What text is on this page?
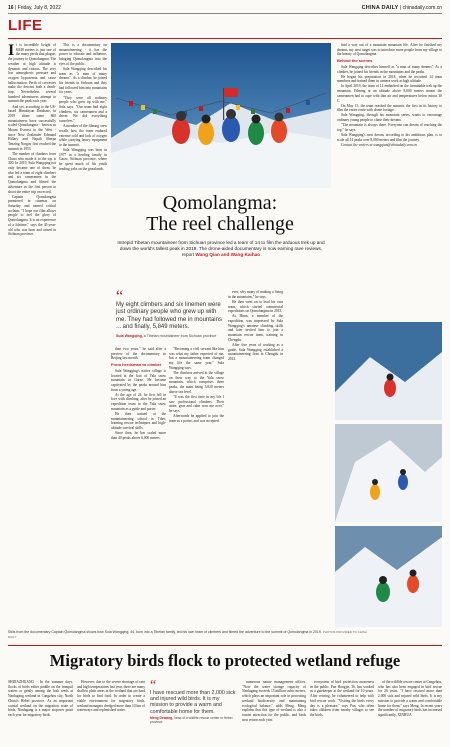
16 | Friday, July 8, 2022	CHINA DAILY | chinadaily.com.cn
LIFE
I t is incredible height of 8,848 meters is just one of the many perils that plague, the journey to Qomolangma. The weather at high altitude is dynamic and riotous. The very low atmospheric pressure and oxygen hypoxemia and cause hallucination. Perils of crevasses make the descent both a death-trap. Nevertheless several hundred adventurers attempt to summit the peak each year.

And yet, according to the US-based Himalayan Database, in 2019 alone some 800 mountaineers have successfully scaled Qomolangma - known as Mount Everest in the West - since New Zealander Edmund Hillary and Nepali Sherpa Tenzing Norgay first reached the summit in 1953.

The number of climbers from China who made it to the top is 300. In 2019, Sula Wangqing not only became one of them, he also led a team of eight climbers and six cameramen in the Qomolangma and filmed the adventure as the first person to shoot the entire trip on record.

Captain Qomolangma premiered in cinemas on Saturday and earned critical acclaim. "I hope our film allows people to feel the glory of Qomolangma. It is an experience of a lifetime," says the 45-year-old who was born and raised in Sichuan province.

This is a documentary on mountaineering - it has the power to educate and influence, bringing Qomolangma into the eyes of the public.

Sula Wangqing described his team as "a man of many dreams". As a climber, he joined his friends in Sichuan and they had followed him into mountains for years.

"They were all ordinary people who grew up with me," Sula says. "Our team had eight climbers, six cameramen and a driver. We did everything ourselves."

A member of the filming crew recalls how the team endured extreme cold and lack of oxygen while carrying heavy equipment to the summit.

Sula Wangqing was born in 1977 in a herding family in Garze, Sichuan province, where he spent much of his youth tending yaks on the grasslands.

Qomolangma:
The reel challenge
Intrepid Tibetan mountaineer from Sichuan province led a team of 14 to film the arduous trek up and down the world's tallest peak in 2019. The drone-aided documentary is now earning rave reviews, report Wang Qian and Wang Kaihao
“
My eight climbers and six linemen were just ordinary people who grew up with me. They had followed me in mountains ... and finally, 5,849 meters.
Sula Wangqing, a Tibetan mountaineer from Sichuan province

than two years," he said after a preview of the documentary in Beijing last month.

From herdsman to climber

Sula Wangqing's native village is located at the foot of Yala snow mountain in Garze. He became captivated by the peaks around him from a young age.

At the age of 24, he first fell in love with climbing, after he joined an expedition team to the Yala snow mountain as a guide and porter.

He then trained at the mountaineering school in Tibet, learning rescue techniques and high-altitude survival skills.

Since then, he has scaled more than 40 peaks above 6,000 meters.

"Becoming a civil servant like him was what my father expected of me, but a mountaineering team changed my life the same year," Sula Wangqing says.

The climbers arrived at the village on their way to the Yala snow mountain, which comprises three peaks, the main being 5,820 meters above sea level.

"It was the first time in my life I saw professional climbers. Their attire, gear and calm won me over," he says.

Afterwards he applied to join the team as a porter, and was accepted.

ever, why many of making a living in the mountains," he says.

He then went on to lead his own team, which started commercial expeditions on Qomolangma in 2013.

As Hima, a member of the expedition, was impressed by Sula Wangqing's amateur climbing skills and later invited him to join a mountain rescue team, training in Chengdu.

After five years of working as a guide, Sula Wangqing established a mountaineering firm in Chengdu in 2012.

find a way out of a mountain mountain life. After he finished my dreams, my next target was to introduce more people from my village to the beauty of Qomolangma.

Behind the scenes

Sula Wangqing describes himself as "a man of many dreams". As a climber, he joined his friends in the mountains and the peaks.

He began his preparation in 2018, when he recruited 14 team members and trained them in camera work at high altitude.

In April 2019, the team of 14 embarked on the formidable trek up the mountain. Filming at an altitude above 8,000 meters meant the cameramen had to cope with thin air and temperatures below minus 30 C.

On May 15, the team reached the summit, the first in its history to film the entire route with drone footage.

Sula Wangqing, through his mountain series, wants to encourage ordinary young people to chase their dreams.

"The mountain is always there. Everyone can dream of reaching the top," he says.

Sula Wangqing's next dream, according to his ambitious plan, is to scale all 14 peaks over 8,000 meters and film the journey.

Contact the writers at wangqian@chinadaily.com.cn

Stills from the documentary Captain Qomolangma shows how Sula Wangqing, 44, born into a Tibetan family, led his own team of climbers and filmed the adventure to the summit of Qomolangma in 2019. PHOTOS PROVIDED TO CHINA DAILY
Migratory birds flock to protected wetland refuge

SHIJIAZHUANG - In the summer days, flocks of birds either paddle on the tranquil waters or gently among the lush reeds at Nanlugang wetland in Cangzhou city, North China's Hebei province. As an important coastal wetland on the migration route of birds, Nanlugang is a major stopover point each year for migratory birds.

However, due to the severe shortage of rain and high temperatures last year, there are many shallow plain areas in the wetland that are hard for birds to find food. In order to create a viable environment for migratory birds, wetland managers dredged more than 10 km of waterways and replenished water.

“
I have rescued more than 2,000 sick and injured wild birds. It is my mission to provide a warm and comfortable home for them.
Meng Dewang, head of a wildlife rescue center in Hebei province

numerous nature management offices. "Now the water storage capacity of Nanlugang exceeds 15 million cubic meters, which plays an important role in protecting wetland biodiversity and maintaining ecological balance," adds Meng. Meng explains that this type of wetland is also a tourist attraction for the public, and birds now return each year.

ecosystem of bird protection awareness in the public. Pan Hongjie, 36, has worked as a gatekeeper at the wetland for 10 years. After retiring, he volunteered to help with bird rescue work. "Visiting the birds every day is a pleasure," says Pan, who often takes children from nearby villages to see the birds.

of the wildlife rescue center at Cangzhou, who has also been engaged in bird rescue for 26 years. "I have rescued more than 2,000 sick and injured wild birds. It is my mission to provide a warm and comfortable home for them," says Meng. In recent years the number of migratory birds has increased significantly. XINHUA
